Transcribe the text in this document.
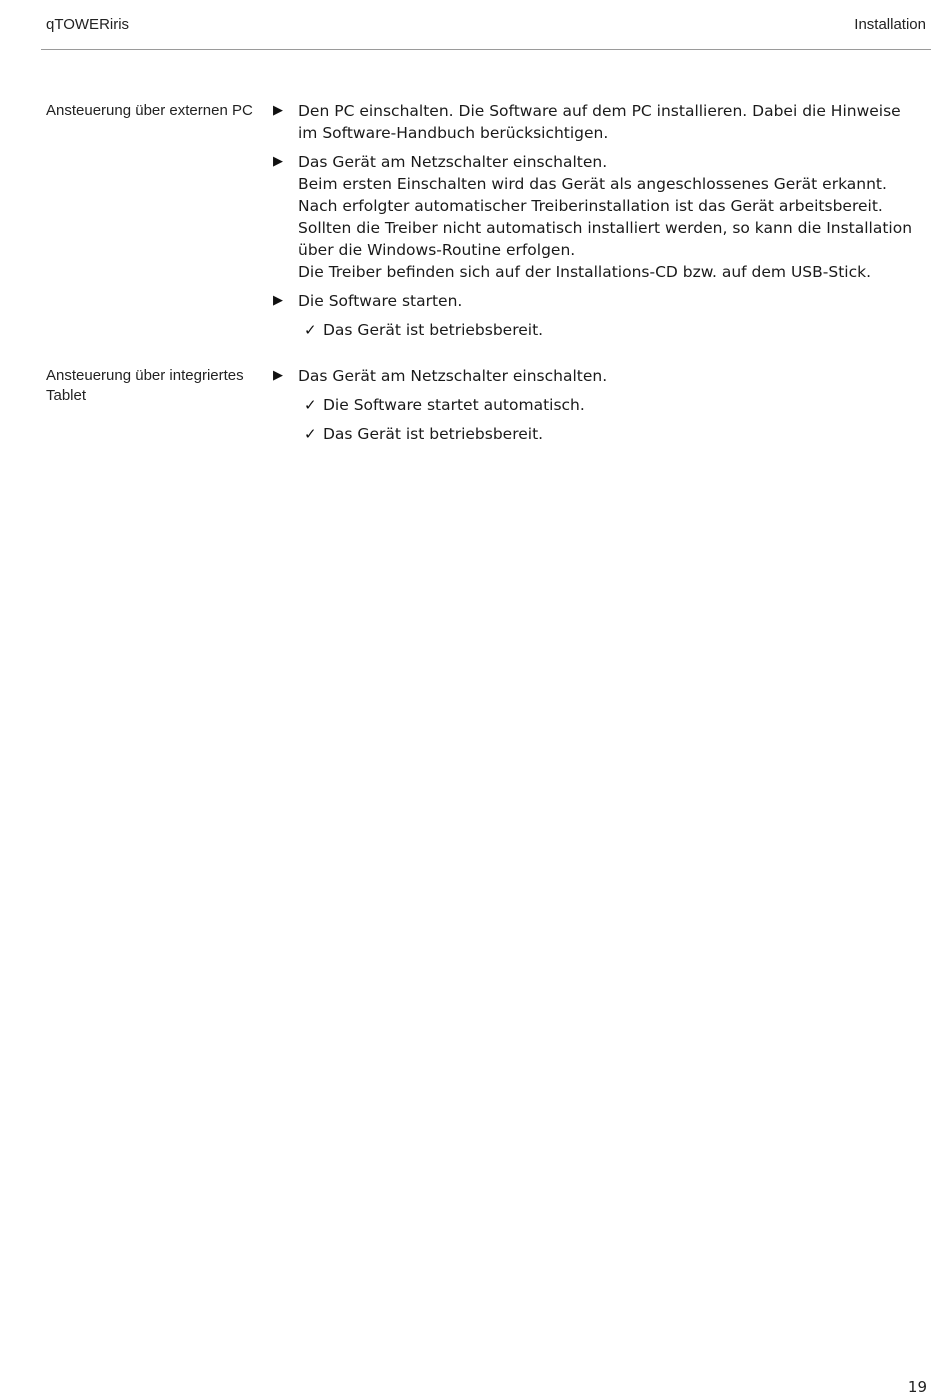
qTOWERiris	Installation
Ansteuerung über externen PC	▶ Den PC einschalten. Die Software auf dem PC installieren. Dabei die Hinweise im Software-Handbuch berücksichtigen.

▶ Das Gerät am Netzschalter einschalten.

Beim ersten Einschalten wird das Gerät als angeschlossenes Gerät erkannt. Nach erfolgter automatischer Treiberinstallation ist das Gerät arbeitsbereit. Sollten die Treiber nicht automatisch installiert werden, so kann die Installation über die Windows-Routine erfolgen.

Die Treiber befinden sich auf der Installations-CD bzw. auf dem USB-Stick.

▶ Die Software starten.

✓ Das Gerät ist betriebsbereit.
Ansteuerung über integriertes Tablet
▶ Das Gerät am Netzschalter einschalten.

✓ Die Software startet automatisch.
✓ Das Gerät ist betriebsbereit.
19
